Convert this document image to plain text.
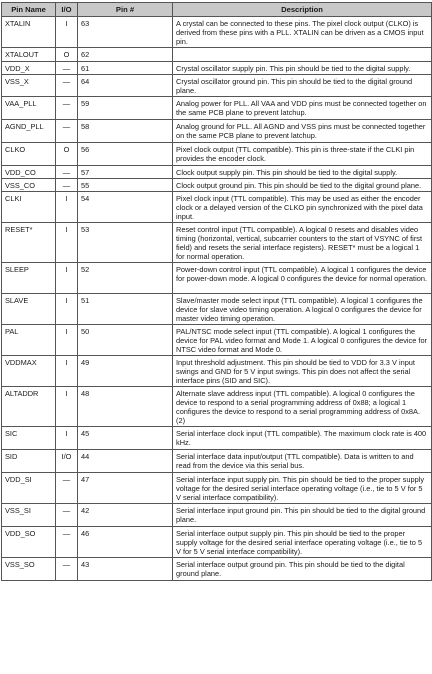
Pin Name	I/O	Pin #	Description
XTALIN	I	63	A crystal can be connected to these pins. The pixel clock output (CLKO) is derived from these pins with a PLL. XTALIN can be driven as a CMOS input pin.
XTALOUT	O	62	
VDD_X	—	61	Crystal oscillator supply pin. This pin should be tied to the digital supply.
VSS_X	—	64	Crystal oscillator ground pin. This pin should be tied to the digital ground plane.
VAA_PLL	—	59	Analog power for PLL. All VAA and VDD pins must be connected together on the same PCB plane to prevent latchup.
AGND_PLL	—	58	Analog ground for PLL. All AGND and VSS pins must be connected together on the same PCB plane to prevent latchup.
CLKO	O	56	Pixel clock output (TTL compatible). This pin is three-state if the CLKI pin provides the encoder clock.
VDD_CO	—	57	Clock output supply pin. This pin should be tied to the digital supply.
VSS_CO	—	55	Clock output ground pin. This pin should be tied to the digital ground plane.
CLKI	I	54	Pixel clock input (TTL compatible). This may be used as either the encoder clock or a delayed version of the CLKO pin synchronized with the pixel data input.
RESET*	I	53	Reset control input (TTL compatible). A logical 0 resets and disables video timing (horizontal, vertical, subcarrier counters to the start of VSYNC of first field) and resets the serial interface registers). RESET* must be a logical 1 for normal operation.
SLEEP	I	52	Power-down control input (TTL compatible). A logical 1 configures the device for power-down mode. A logical 0 configures the device for normal operation.
SLAVE	I	51	Slave/master mode select input (TTL compatible). A logical 1 configures the device for slave video timing operation. A logical 0 configures the device for master video timing operation.
PAL	I	50	PAL/NTSC mode select input (TTL compatible). A logical 1 configures the device for PAL video format and Mode 1. A logical 0 configures the device for NTSC video format and Mode 0.
VDDMAX	I	49	Input threshold adjustment. This pin should be tied to VDD for 3.3 V input swings and GND for 5 V input swings. This pin does not affect the serial interface pins (SID and SIC).
ALTADDR	I	48	Alternate slave address input (TTL compatible). A logical 0 configures the device to respond to a serial programming address of 0x88; a logical 1 configures the device to respond to a serial programming address of 0x8A.(2)
SIC	I	45	Serial interface clock input (TTL compatible). The maximum clock rate is 400 kHz.
SID	I/O	44	Serial interface data input/output (TTL compatible). Data is written to and read from the device via this serial bus.
VDD_SI	—	47	Serial interface input supply pin. This pin should be tied to the proper supply voltage for the desired serial interface operating voltage (i.e., tie to 5 V for 5 V serial interface compatibility).
VSS_SI	—	42	Serial interface input ground pin. This pin should be tied to the digital ground plane.
VDD_SO	—	46	Serial interface output supply pin. This pin should be tied to the proper supply voltage for the desired serial interface operating voltage (i.e., tie to 5 V for 5 V serial interface compatibility).
VSS_SO	—	43	Serial interface output ground pin. This pin should be tied to the digital ground plane.
